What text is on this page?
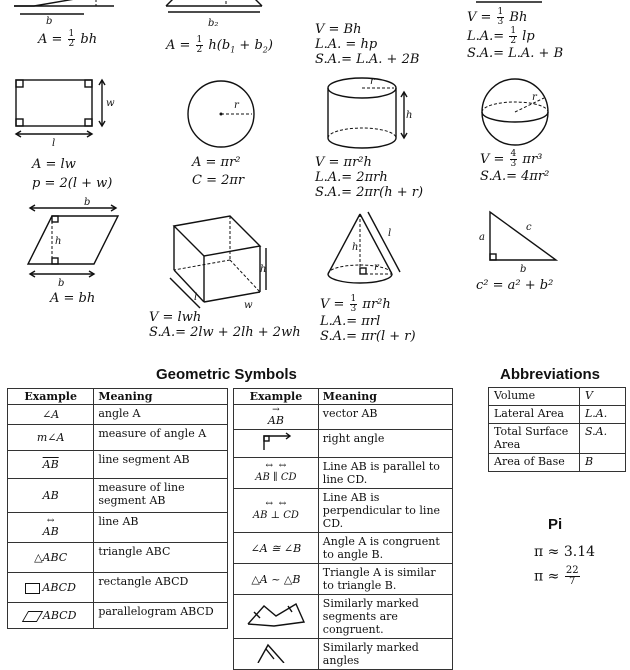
b
$A = \frac{1}{2}$ bh
b₂
$A = \frac{1}{2} h(b_1 + b_2)$
V = Bh
L.A. = hp
S.A.= L.A. + 2B
$V = \frac{1}{3}$ Bh
$L.A.= \frac{1}{2}$ lp
S.A.= L.A. + B
w
l
A = lw
p = 2(l + w)
r
A = πr²
C = 2πr
r
h
V = πr²h
L.A.= 2πrh
S.A.= 2πr(h + r)
r
$V = \frac{4}{3} \pi r^3$
S.A.= 4πr²
b
h
b
A = bh
h
l
w
V = lwh
S.A.= 2lw + 2lh + 2wh
h
r
l
$V = \frac{1}{3} \pi r^2h$
L.A.= πrl
S.A.= πr(l + r)
a
c
b
c² = a² + b²
Geometric Symbols
Example	Meaning
∠A	angle A
m∠A	measure of angle A
$\overline{AB}$	line segment AB
AB	measure of line segment AB

↔
AB	line AB
△ABC	triangle ABC
ABCD	rectangle ABCD
ABCD	parallelogram ABCD
Example	Meaning

→
AB	vector AB
	right angle

↔  ↔
AB ∥ CD	Line AB is parallel to line CD.

↔  ↔
AB ⊥ CD	Line AB is perpendicular to line CD.
∠A ≅ ∠B	Angle A is congruent to angle B.
△A ~ △B	Triangle A is similar to triangle B.
	Similarly marked segments are congruent.
	Similarly marked angles
Abbreviations
Volume	V
Lateral Area	L.A.
Total Surface Area	S.A.
Area of Base	B
Pi
π ≈ 3.14
$\pi \approx \frac{22}{7}$
